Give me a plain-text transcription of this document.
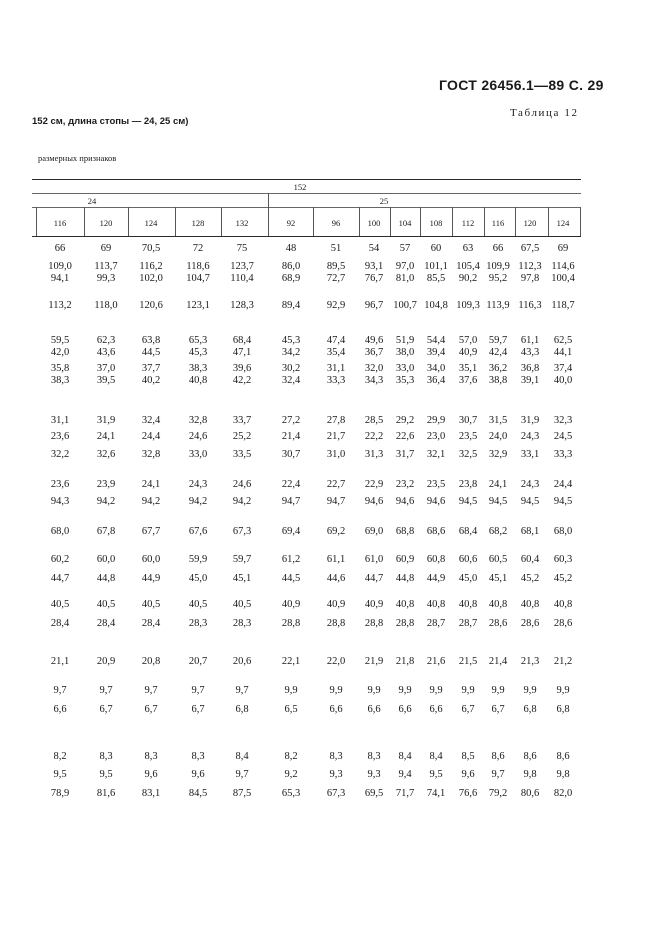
ГОСТ 26456.1—89 С. 29
Таблица 12
152 см, длина стопы — 24, 25 см)
размерных признаков
152
24	25
116	120	124	128	132	92	96	100 104 108 112 116 120 124
66	69	70,5	72	75	48	51	54 57 60 63 66 67,5 69
109,0 113,7 116,2 118,6 123,7	86,0	89,5 93,1 97,0 101,1 105,4 109,9 112,3 114,6
94,1	99,3 102,0 104,7 110,4	68,9	72,7 76,7 81,0 85,5 90,2 95,2 97,8 100,4
113,2 118,0 120,6 123,1 128,3	89,4	92,9 96,7 100,7 104,8 109,3 113,9 116,3 118,7
59,5	62,3	63,8	65,3 68,4	45,3	47,4 49,6 51,9 54,4 57,0 59,7 61,1 62,5
42,0	43,6	44,5	45,3 47,1	34,2	35,4 36,7 38,0 39,4 40,9 42,4 43,3 44,1
35,8	37,0	37,7	38,3 39,6	30,2	31,1 32,0 33,0 34,0 35,1 36,2 36,8 37,4
38,3	39,5	40,2	40,8 42,2	32,4	33,3 34,3 35,3 36,4 37,6 38,8 39,1 40,0
31,1	31,9	32,4	32,8 33,7	27,2	27,8 28,5 29,2 29,9 30,7 31,5 31,9 32,3
23,6	24,1	24,4	24,6 25,2	21,4	21,7 22,2 22,6 23,0 23,5 24,0 24,3 24,5
32,2	32,6	32,8	33,0 33,5	30,7	31,0 31,3 31,7 32,1 32,5 32,9 33,1 33,3
23,6	23,9	24,1	24,3 24,6	22,4	22,7 22,9 23,2 23,5 23,8 24,1 24,3 24,4
94,3	94,2	94,2	94,2 94,2	94,7	94,7 94,6 94,6 94,6 94,5 94,5 94,5 94,5
68,0	67,8	67,7	67,6 67,3	69,4	69,2 69,0 68,8 68,6 68,4 68,2 68,1 68,0
60,2	60,0	60,0	59,9 59,7	61,2	61,1 61,0 60,9 60,8 60,6 60,5 60,4 60,3
44,7	44,8	44,9	45,0 45,1	44,5	44,6 44,7 44,8 44,9 45,0 45,1 45,2 45,2
40,5	40,5	40,5	40,5 40,5	40,9	40,9 40,9 40,8 40,8 40,8 40,8 40,8 40,8
28,4	28,4	28,4	28,3 28,3	28,8	28,8 28,8 28,8 28,7 28,7 28,6 28,6 28,6
21,1	20,9	20,8	20,7 20,6	22,1	22,0 21,9 21,8 21,6 21,5 21,4 21,3 21,2
9,7	9,7	9,7	9,7	9,7	9,9	9,9 9,9 9,9 9,9 9,9 9,9 9,9 9,9
6,6	6,7	6,7	6,7	6,8	6,5	6,6 6,6 6,6 6,6 6,7 6,7 6,8 6,8
8,2	8,3	8,3	8,3	8,4	8,2	8,3 8,3 8,4 8,4 8,5 8,6 8,6 8,6
9,5	9,5	9,6	9,6	9,7	9,2	9,3 9,3 9,4 9,5 9,6 9,7 9,8 9,8
78,9	81,6	83,1	84,5 87,5	65,3	67,3 69,5 71,7 74,1 76,6 79,2 80,6 82,0
